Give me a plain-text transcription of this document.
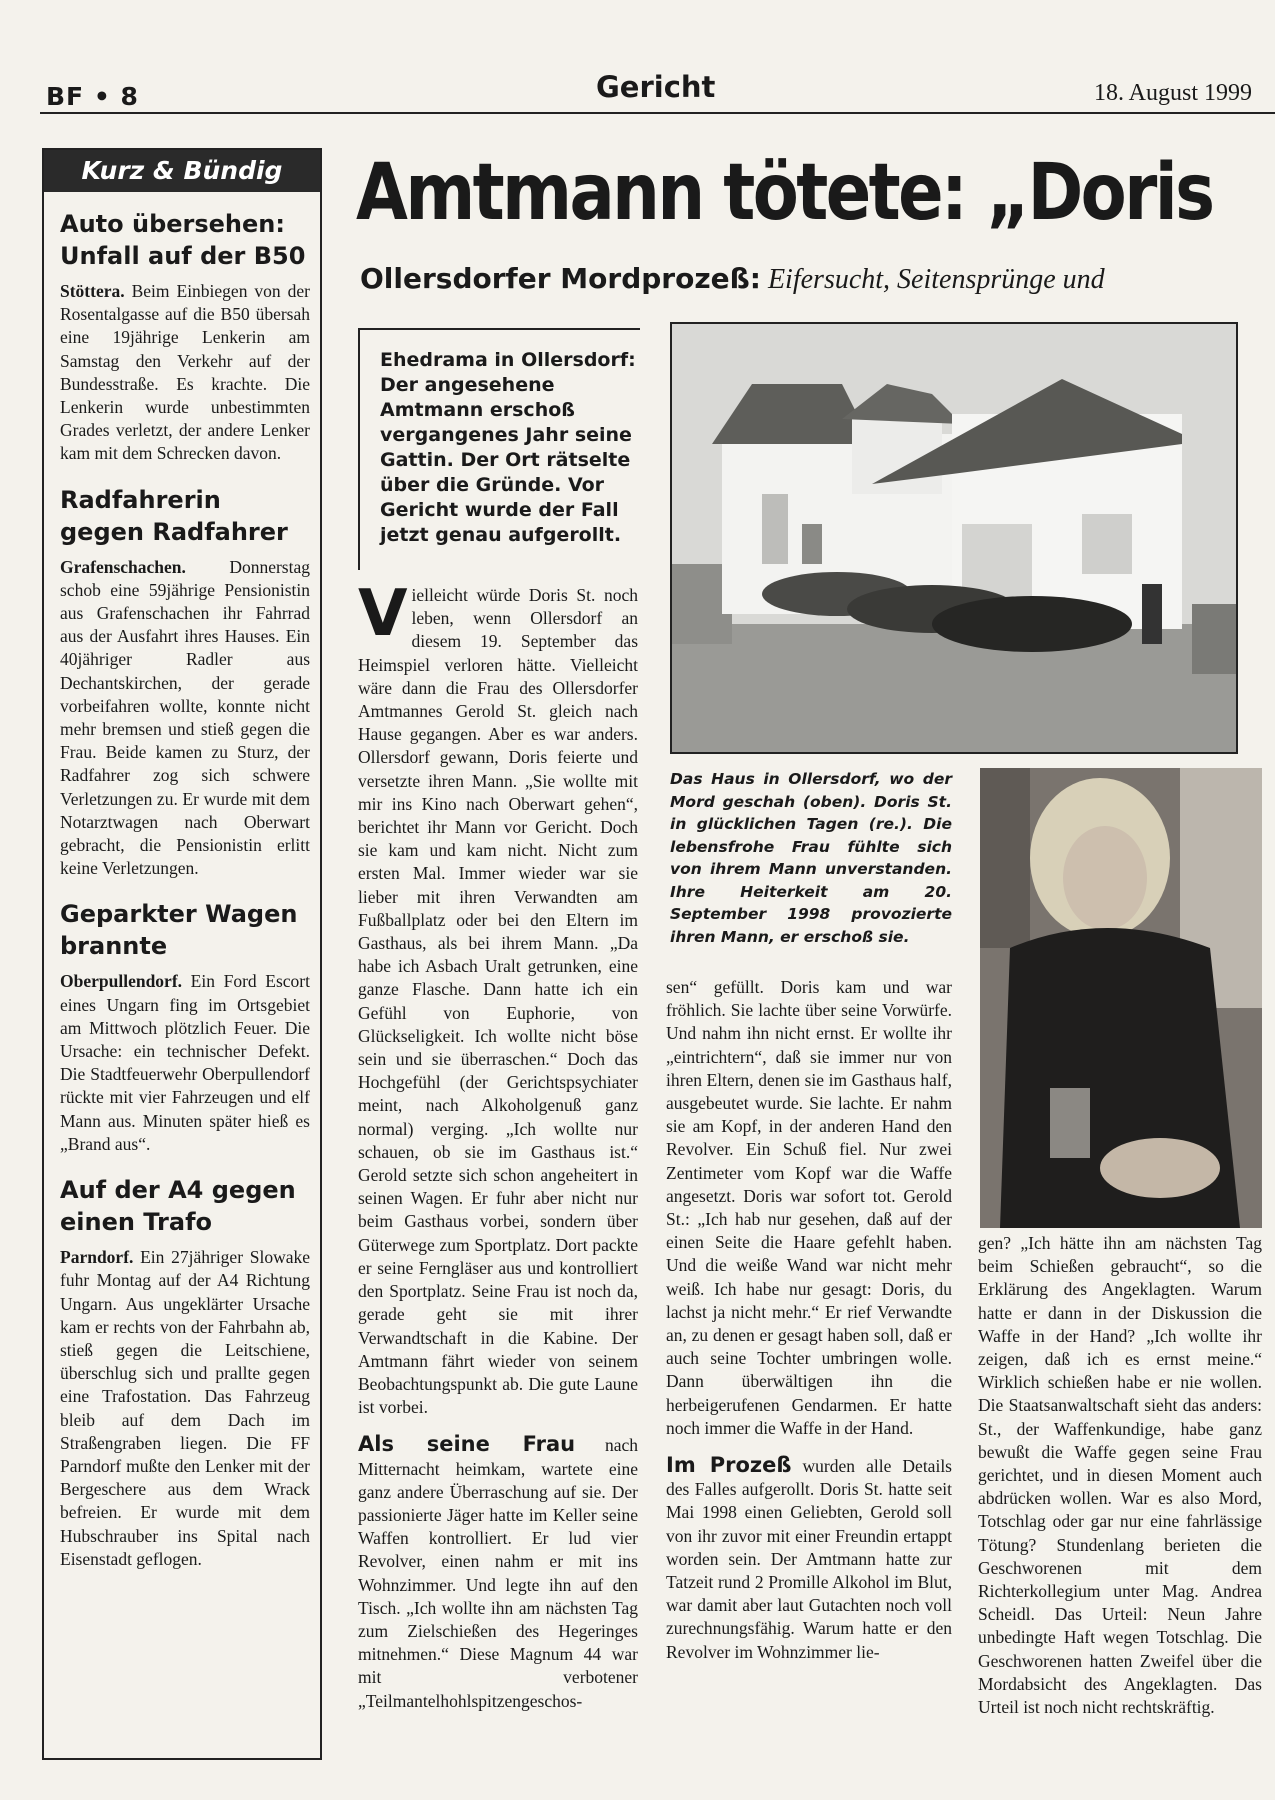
BF • 8	Gericht	18. August 1999
Kurz & Bündig
Auto übersehen: Unfall auf der B50

Stöttera. Beim Einbiegen von der Rosentalgasse auf die B50 übersah eine 19jährige Lenkerin am Samstag den Verkehr auf der Bundesstraße. Es krachte. Die Lenkerin wurde unbestimmten Grades verletzt, der andere Lenker kam mit dem Schrecken davon.

Radfahrerin gegen Radfahrer

Grafenschachen. Donnerstag schob eine 59jährige Pensionistin aus Grafenschachen ihr Fahrrad aus der Ausfahrt ihres Hauses. Ein 40jähriger Radler aus Dechantskirchen, der gerade vorbeifahren wollte, konnte nicht mehr bremsen und stieß gegen die Frau. Beide kamen zu Sturz, der Radfahrer zog sich schwere Verletzungen zu. Er wurde mit dem Notarztwagen nach Oberwart gebracht, die Pensionistin erlitt keine Verletzungen.

Geparkter Wagen brannte

Oberpullendorf. Ein Ford Escort eines Ungarn fing im Ortsgebiet am Mittwoch plötzlich Feuer. Die Ursache: ein technischer Defekt. Die Stadtfeuerwehr Oberpullendorf rückte mit vier Fahrzeugen und elf Mann aus. Minuten später hieß es „Brand aus“.

Auf der A4 gegen einen Trafo

Parndorf. Ein 27jähriger Slowake fuhr Montag auf der A4 Richtung Ungarn. Aus ungeklärter Ursache kam er rechts von der Fahrbahn ab, stieß gegen die Leitschiene, überschlug sich und prallte gegen eine Trafostation. Das Fahrzeug bleib auf dem Dach im Straßengraben liegen. Die FF Parndorf mußte den Lenker mit der Bergeschere aus dem Wrack befreien. Er wurde mit dem Hubschrauber ins Spital nach Eisenstadt geflogen.

Amtmann tötete: „Doris
Ollersdorfer Mordprozeß: Eifersucht, Seitensprünge und

Ehedrama in Ollersdorf: Der angesehene Amtmann erschoß vergangenes Jahr seine Gattin. Der Ort rätselte über die Gründe. Vor Gericht wurde der Fall jetzt genau aufgerollt.

Vielleicht würde Doris St. noch leben, wenn Ollersdorf an diesem 19. September das Heimspiel verloren hätte. Vielleicht wäre dann die Frau des Ollersdorfer Amtmannes Gerold St. gleich nach Hause gegangen. Aber es war anders. Ollersdorf gewann, Doris feierte und versetzte ihren Mann. „Sie wollte mit mir ins Kino nach Oberwart gehen“, berichtet ihr Mann vor Gericht. Doch sie kam und kam nicht. Nicht zum ersten Mal. Immer wieder war sie lieber mit ihren Verwandten am Fußballplatz oder bei den Eltern im Gasthaus, als bei ihrem Mann. „Da habe ich Asbach Uralt getrunken, eine ganze Flasche. Dann hatte ich ein Gefühl von Euphorie, von Glückseligkeit. Ich wollte nicht böse sein und sie überraschen.“ Doch das Hochgefühl (der Gerichtspsychiater meint, nach Alkoholgenuß ganz normal) verging. „Ich wollte nur schauen, ob sie im Gasthaus ist.“ Gerold setzte sich schon angeheitert in seinen Wagen. Er fuhr aber nicht nur beim Gasthaus vorbei, sondern über Güterwege zum Sportplatz. Dort packte er seine Ferngläser aus und kontrolliert den Sportplatz. Seine Frau ist noch da, gerade geht sie mit ihrer Verwandtschaft in die Kabine. Der Amtmann fährt wieder von seinem Beobachtungspunkt ab. Die gute Laune ist vorbei.

Als seine Frau nach Mitternacht heimkam, wartete eine ganz andere Überraschung auf sie. Der passionierte Jäger hatte im Keller seine Waffen kontrolliert. Er lud vier Revolver, einen nahm er mit ins Wohnzimmer. Und legte ihn auf den Tisch. „Ich wollte ihn am nächsten Tag zum Zielschießen des Hegeringes mitnehmen.“ Diese Magnum 44 war mit verbotener „Teilmantelhohlspitzengeschos-

Das Haus in Ollersdorf, wo der Mord geschah (oben). Doris St. in glücklichen Tagen (re.). Die lebensfrohe Frau fühlte sich von ihrem Mann unverstanden. Ihre Heiterkeit am 20. September 1998 provozierte ihren Mann, er erschoß sie.

sen“ gefüllt. Doris kam und war fröhlich. Sie lachte über seine Vorwürfe. Und nahm ihn nicht ernst. Er wollte ihr „eintrichtern“, daß sie immer nur von ihren Eltern, denen sie im Gasthaus half, ausgebeutet wurde. Sie lachte. Er nahm sie am Kopf, in der anderen Hand den Revolver. Ein Schuß fiel. Nur zwei Zentimeter vom Kopf war die Waffe angesetzt. Doris war sofort tot. Gerold St.: „Ich hab nur gesehen, daß auf der einen Seite die Haare gefehlt haben. Und die weiße Wand war nicht mehr weiß. Ich habe nur gesagt: Doris, du lachst ja nicht mehr.“ Er rief Verwandte an, zu denen er gesagt haben soll, daß er auch seine Tochter umbringen wolle. Dann überwältigen ihn die herbeigerufenen Gendarmen. Er hatte noch immer die Waffe in der Hand.

Im Prozeß wurden alle Details des Falles aufgerollt. Doris St. hatte seit Mai 1998 einen Geliebten, Gerold soll von ihr zuvor mit einer Freundin ertappt worden sein. Der Amtmann hatte zur Tatzeit rund 2 Promille Alkohol im Blut, war damit aber laut Gutachten noch voll zurechnungsfähig. Warum hatte er den Revolver im Wohnzimmer lie-

gen? „Ich hätte ihn am nächsten Tag beim Schießen gebraucht“, so die Erklärung des Angeklagten. Warum hatte er dann in der Diskussion die Waffe in der Hand? „Ich wollte ihr zeigen, daß ich es ernst meine.“ Wirklich schießen habe er nie wollen. Die Staatsanwaltschaft sieht das anders: St., der Waffenkundige, habe ganz bewußt die Waffe gegen seine Frau gerichtet, und in diesen Moment auch abdrücken wollen. War es also Mord, Totschlag oder gar nur eine fahrlässige Tötung? Stundenlang berieten die Geschworenen mit dem Richterkollegium unter Mag. Andrea Scheidl. Das Urteil: Neun Jahre unbedingte Haft wegen Totschlag. Die Geschworenen hatten Zweifel über die Mordabsicht des Angeklagten. Das Urteil ist noch nicht rechtskräftig.
